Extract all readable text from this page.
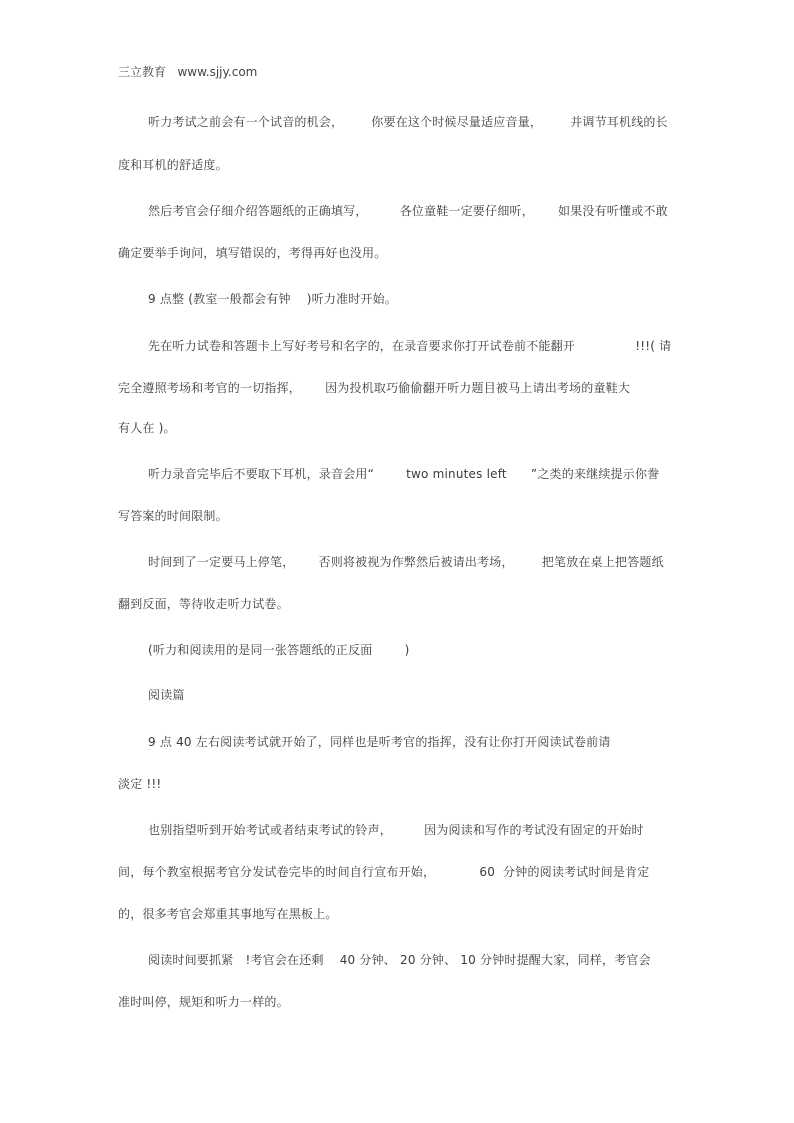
三立教育   www.sjjy.com
听力考试之前会有一个试音的机会，       你要在这个时候尽量适应音量，       并调节耳机线的长
度和耳机的舒适度。
然后考官会仔细介绍答题纸的正确填写，        各位童鞋一定要仔细听，      如果没有听懂或不敢
确定要举手询问，填写错误的，考得再好也没用。
9 点整 (教室一般都会有钟    )听力准时开始。
先在听力试卷和答题卡上写好考号和名字的，在录音要求你打开试卷前不能翻开               !!!( 请
完全遵照考场和考官的一切指挥，      因为投机取巧偷偷翻开听力题目被马上请出考场的童鞋大
有人在 )。
听力录音完毕后不要取下耳机，录音会用“        two minutes left      ”之类的来继续提示你誊
写答案的时间限制。
时间到了一定要马上停笔，      否则将被视为作弊然后被请出考场，       把笔放在桌上把答题纸
翻到反面，等待收走听力试卷。
(听力和阅读用的是同一张答题纸的正反面        )
阅读篇
9 点 40 左右阅读考试就开始了，同样也是听考官的指挥，没有让你打开阅读试卷前请
淡定 !!!
也别指望听到开始考试或者结束考试的铃声，        因为阅读和写作的考试没有固定的开始时
间，每个教室根据考官分发试卷完毕的时间自行宣布开始，           60  分钟的阅读考试时间是肯定
的，很多考官会郑重其事地写在黑板上。
阅读时间要抓紧   !考官会在还剩    40 分钟、 20 分钟、 10 分钟时提醒大家，同样，考官会
准时叫停，规矩和听力一样的。
